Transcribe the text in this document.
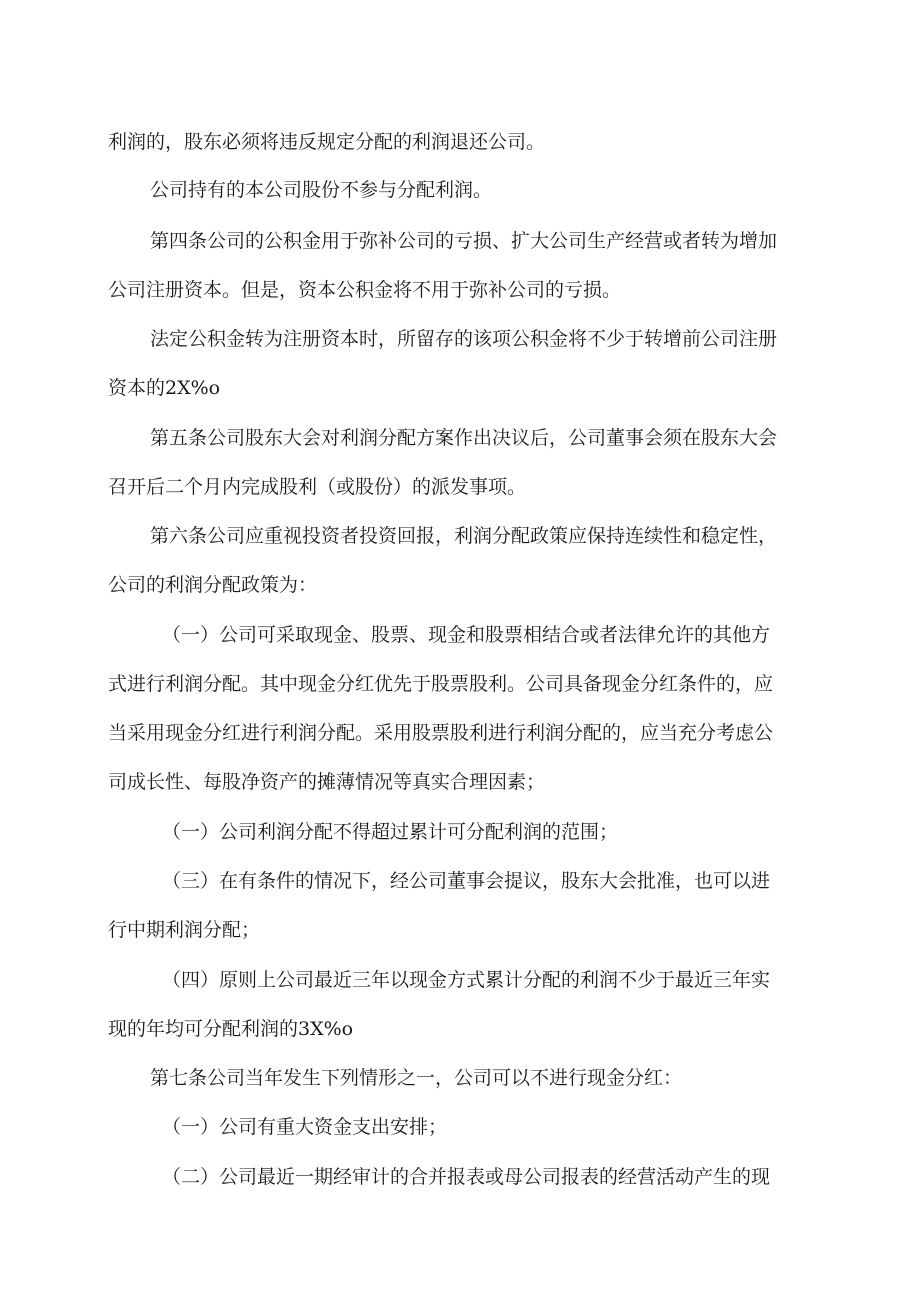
利润的，股东必须将违反规定分配的利润退还公司。
公司持有的本公司股份不参与分配利润。
第四条公司的公积金用于弥补公司的亏损、扩大公司生产经营或者转为增加
公司注册资本。但是，资本公积金将不用于弥补公司的亏损。
法定公积金转为注册资本时，所留存的该项公积金将不少于转增前公司注册
资本的2X%o
第五条公司股东大会对利润分配方案作出决议后，公司董事会须在股东大会
召开后二个月内完成股利（或股份）的派发事项。
第六条公司应重视投资者投资回报，利润分配政策应保持连续性和稳定性，
公司的利润分配政策为：
（一）公司可采取现金、股票、现金和股票相结合或者法律允许的其他方
式进行利润分配。其中现金分红优先于股票股利。公司具备现金分红条件的，应
当采用现金分红进行利润分配。采用股票股利进行利润分配的，应当充分考虑公
司成长性、每股净资产的摊薄情况等真实合理因素；
（一）公司利润分配不得超过累计可分配利润的范围；
（三）在有条件的情况下，经公司董事会提议，股东大会批准，也可以进
行中期利润分配；
（四）原则上公司最近三年以现金方式累计分配的利润不少于最近三年实
现的年均可分配利润的3X%o
第七条公司当年发生下列情形之一，公司可以不进行现金分红：
（一）公司有重大资金支出安排；
（二）公司最近一期经审计的合并报表或母公司报表的经营活动产生的现
